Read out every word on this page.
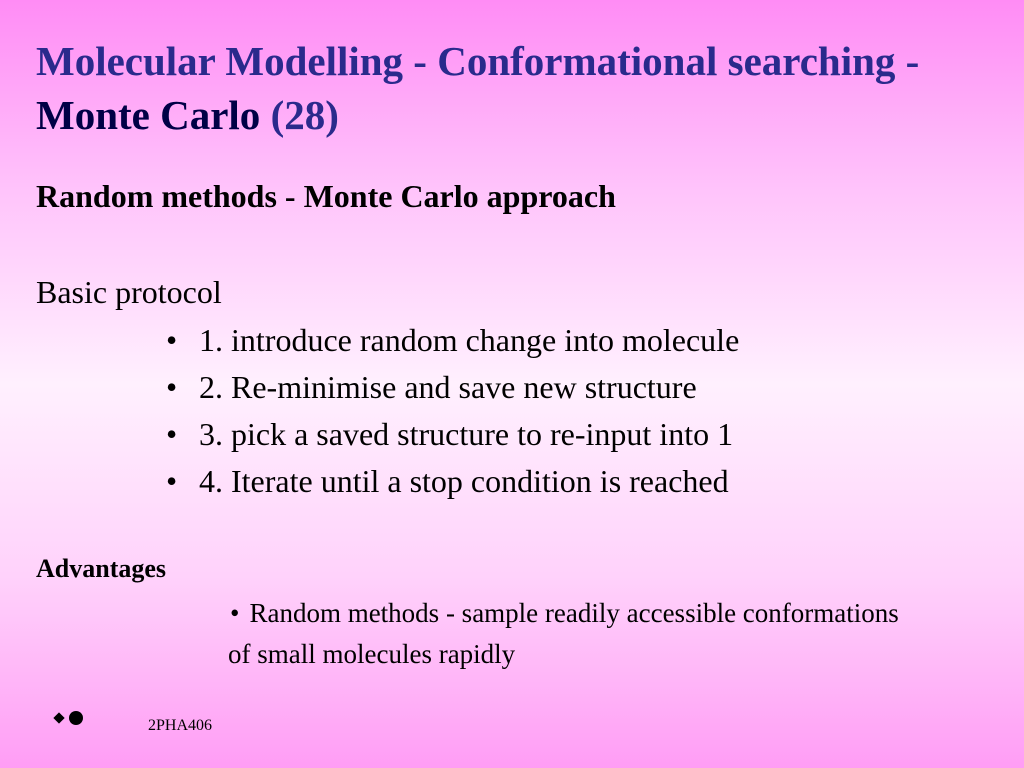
Molecular Modelling - Conformational searching - Monte Carlo (28)
Random methods - Monte Carlo approach
Basic protocol
• 1. introduce random change into molecule
• 2. Re-minimise and save new structure
• 3. pick a saved structure to re-input into 1
• 4. Iterate until a stop condition is reached
Advantages
• Random methods - sample readily accessible conformations of small molecules rapidly
2PHA406
